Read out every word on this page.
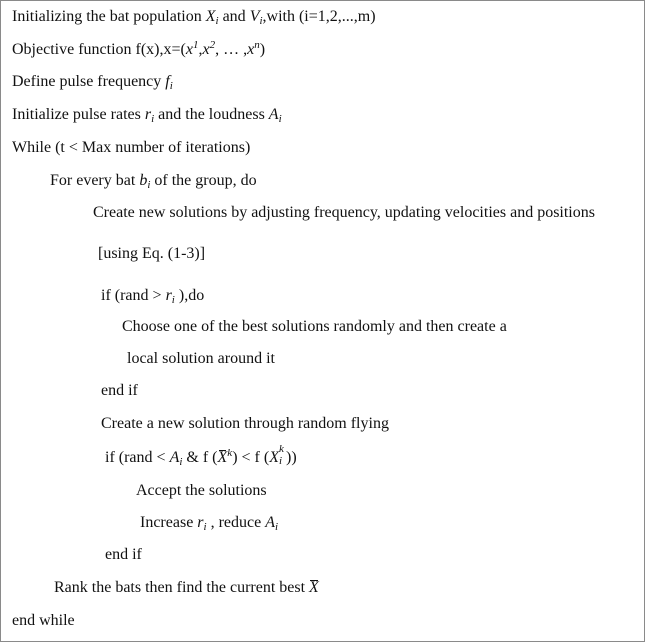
Initializing the bat population $X_i$ and $V_i,with$ (i=1,2,...,m)
Objective function $f(x),x=(x^1,x^2$, … $,x^n$)
Define pulse frequency $f_i$
Initialize pulse rates $r_i$ and the loudness $A_i$
While (t < Max number of iterations)
For every bat $b_i$ of the group, do
Create new solutions by adjusting frequency, updating velocities and positions
[using Eq. (1-3)]
if (rand > $r_i$ ),do
Choose one of the best solutions randomly and then create a
local solution around it
end if
Create a new solution through random flying
if (rand < $A_i$ & f $(X^k) < f$ (X k
i ))
Accept the solutions
Increase $r_i$ , reduce $A_i$
end if
Rank the bats then find the current best X
end while
